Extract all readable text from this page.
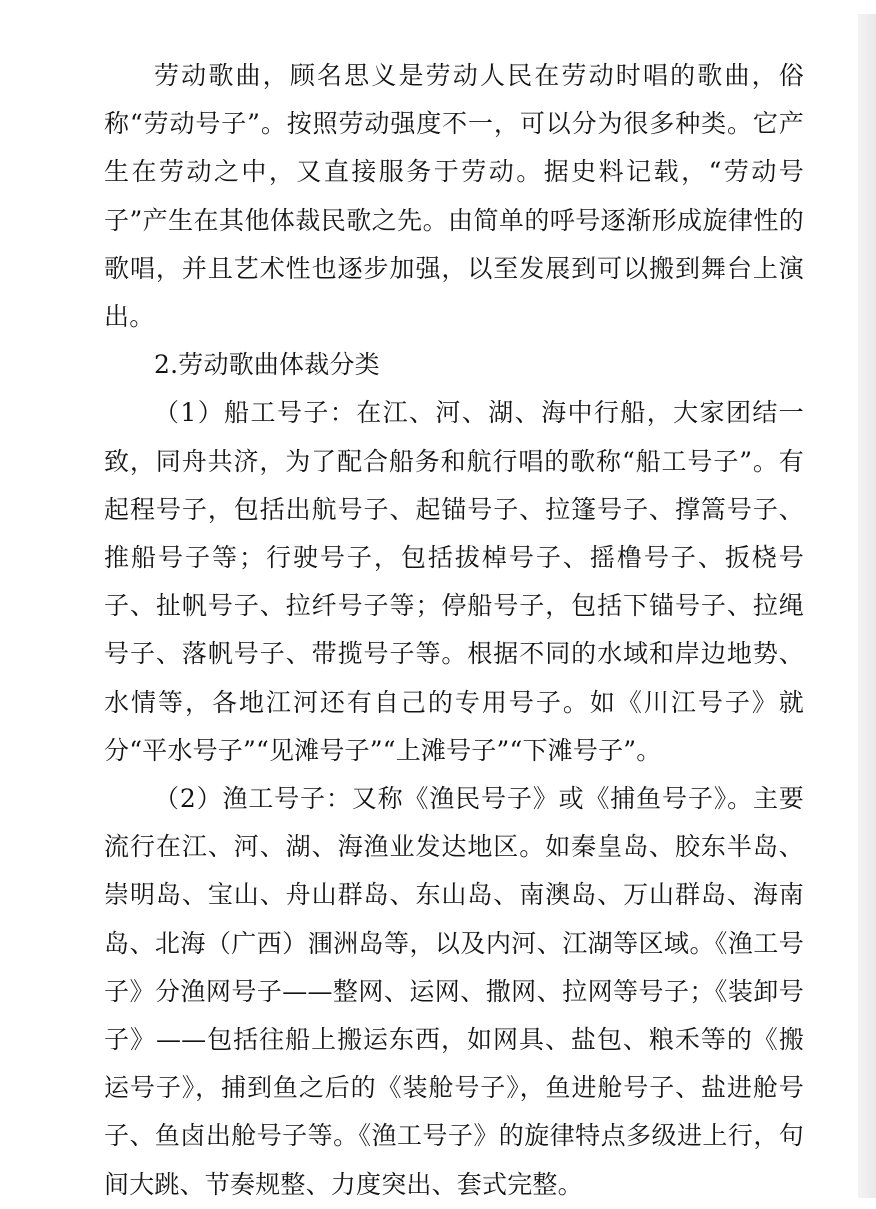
劳动歌曲，顾名思义是劳动人民在劳动时唱的歌曲，俗称“劳动号子”。按照劳动强度不一，可以分为很多种类。它产生在劳动之中，又直接服务于劳动。据史料记载，“劳动号子”产生在其他体裁民歌之先。由简单的呼号逐渐形成旋律性的歌唱，并且艺术性也逐步加强，以至发展到可以搬到舞台上演出。

2.劳动歌曲体裁分类

（1）船工号子：在江、河、湖、海中行船，大家团结一致，同舟共济，为了配合船务和航行唱的歌称“船工号子”。有起程号子，包括出航号子、起锚号子、拉篷号子、撑篙号子、推船号子等；行驶号子，包括拔棹号子、摇橹号子、扳桡号子、扯帆号子、拉纤号子等；停船号子，包括下锚号子、拉绳号子、落帆号子、带揽号子等。根据不同的水域和岸边地势、水情等，各地江河还有自己的专用号子。如《川江号子》就分“平水号子”“见滩号子”“上滩号子”“下滩号子”。

（2）渔工号子：又称《渔民号子》或《捕鱼号子》。主要流行在江、河、湖、海渔业发达地区。如秦皇岛、胶东半岛、崇明岛、宝山、舟山群岛、东山岛、南澳岛、万山群岛、海南岛、北海（广西）涠洲岛等，以及内河、江湖等区域。《渔工号子》分渔网号子——整网、运网、撒网、拉网等号子；《装卸号子》——包括往船上搬运东西，如网具、盐包、粮禾等的《搬运号子》，捕到鱼之后的《装舱号子》，鱼进舱号子、盐进舱号子、鱼卤出舱号子等。《渔工号子》的旋律特点多级进上行，句间大跳、节奏规整、力度突出、套式完整。
